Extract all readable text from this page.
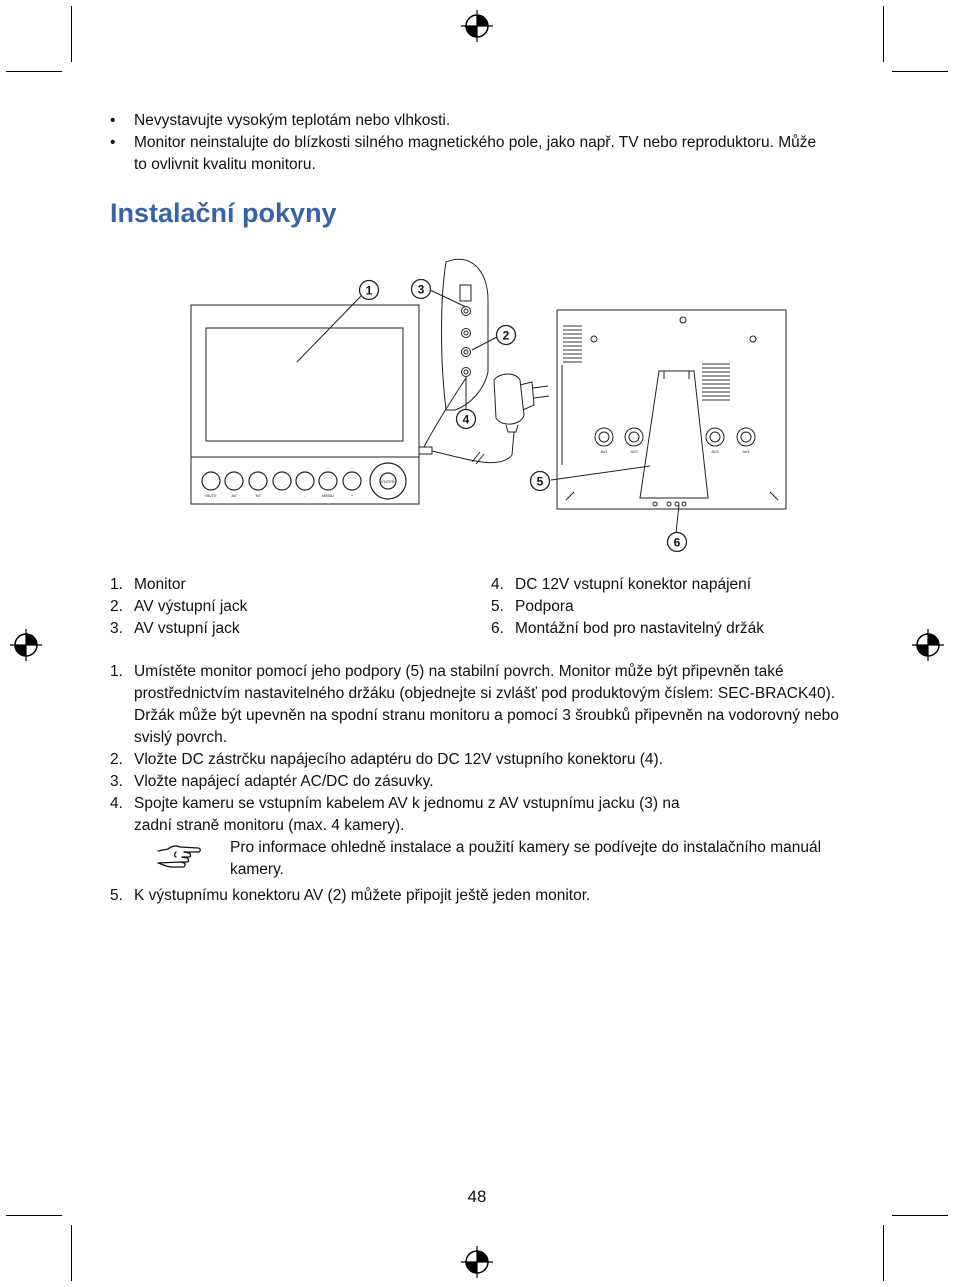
• Nevystavujte vysokým teplotám nebo vlhkosti.
• Monitor neinstalujte do blízkosti silného magnetického pole, jako např. TV nebo reproduktoru. Může to ovlivnit kvalitu monitoru.
Instalační pokyny
MUTE	AV	S/I	-	MENU	+
ENTER
AV1	AV2	AV3	AV4
1
2
3
4
5
6
1. Monitor
2. AV výstupní jack
3. AV vstupní jack
4. DC 12V vstupní konektor napájení
5. Podpora
6. Montážní bod pro nastavitelný držák
1. Umístěte monitor pomocí jeho podpory (5) na stabilní povrch. Monitor může být připevněn také prostřednictvím nastavitelného držáku (objednejte si zvlášť pod produktovým číslem: SEC-BRACK40). Držák může být upevněn na spodní stranu monitoru a pomocí 3 šroubků připevněn na vodorovný nebo svislý povrch.
2. Vložte DC zástrčku napájecího adaptéru do DC 12V vstupního konektoru (4).
3. Vložte napájecí adaptér AC/DC do zásuvky.
4. Spojte kameru se vstupním kabelem AV k jednomu z AV vstupnímu jacku (3) na zadní straně monitoru (max. 4 kamery).
Pro informace ohledně instalace a použití kamery se podívejte do instalačního manuál kamery.
5. K výstupnímu konektoru AV (2) můžete připojit ještě jeden monitor.
48
